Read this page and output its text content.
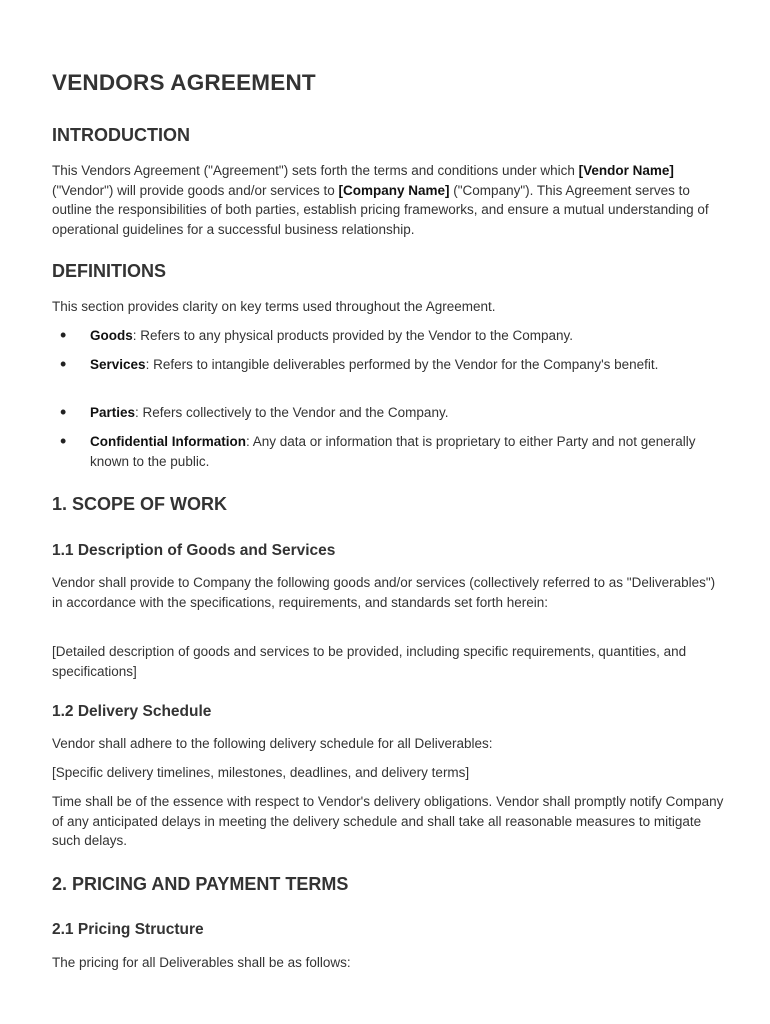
VENDORS AGREEMENT
INTRODUCTION

This Vendors Agreement ("Agreement") sets forth the terms and conditions under which [Vendor Name] ("Vendor") will provide goods and/or services to [Company Name] ("Company"). This Agreement serves to outline the responsibilities of both parties, establish pricing frameworks, and ensure a mutual understanding of operational guidelines for a successful business relationship.

DEFINITIONS

This section provides clarity on key terms used throughout the Agreement.

• Goods: Refers to any physical products provided by the Vendor to the Company.

• Services: Refers to intangible deliverables performed by the Vendor for the Company's benefit.

• Parties: Refers collectively to the Vendor and the Company.

• Confidential Information: Any data or information that is proprietary to either Party and not generally known to the public.

1. SCOPE OF WORK
1.1 Description of Goods and Services

Vendor shall provide to Company the following goods and/or services (collectively referred to as "Deliverables") in accordance with the specifications, requirements, and standards set forth herein:

[Detailed description of goods and services to be provided, including specific requirements, quantities, and specifications]

1.2 Delivery Schedule

Vendor shall adhere to the following delivery schedule for all Deliverables:

[Specific delivery timelines, milestones, deadlines, and delivery terms]

Time shall be of the essence with respect to Vendor's delivery obligations. Vendor shall promptly notify Company of any anticipated delays in meeting the delivery schedule and shall take all reasonable measures to mitigate such delays.

2. PRICING AND PAYMENT TERMS
2.1 Pricing Structure

The pricing for all Deliverables shall be as follows:
